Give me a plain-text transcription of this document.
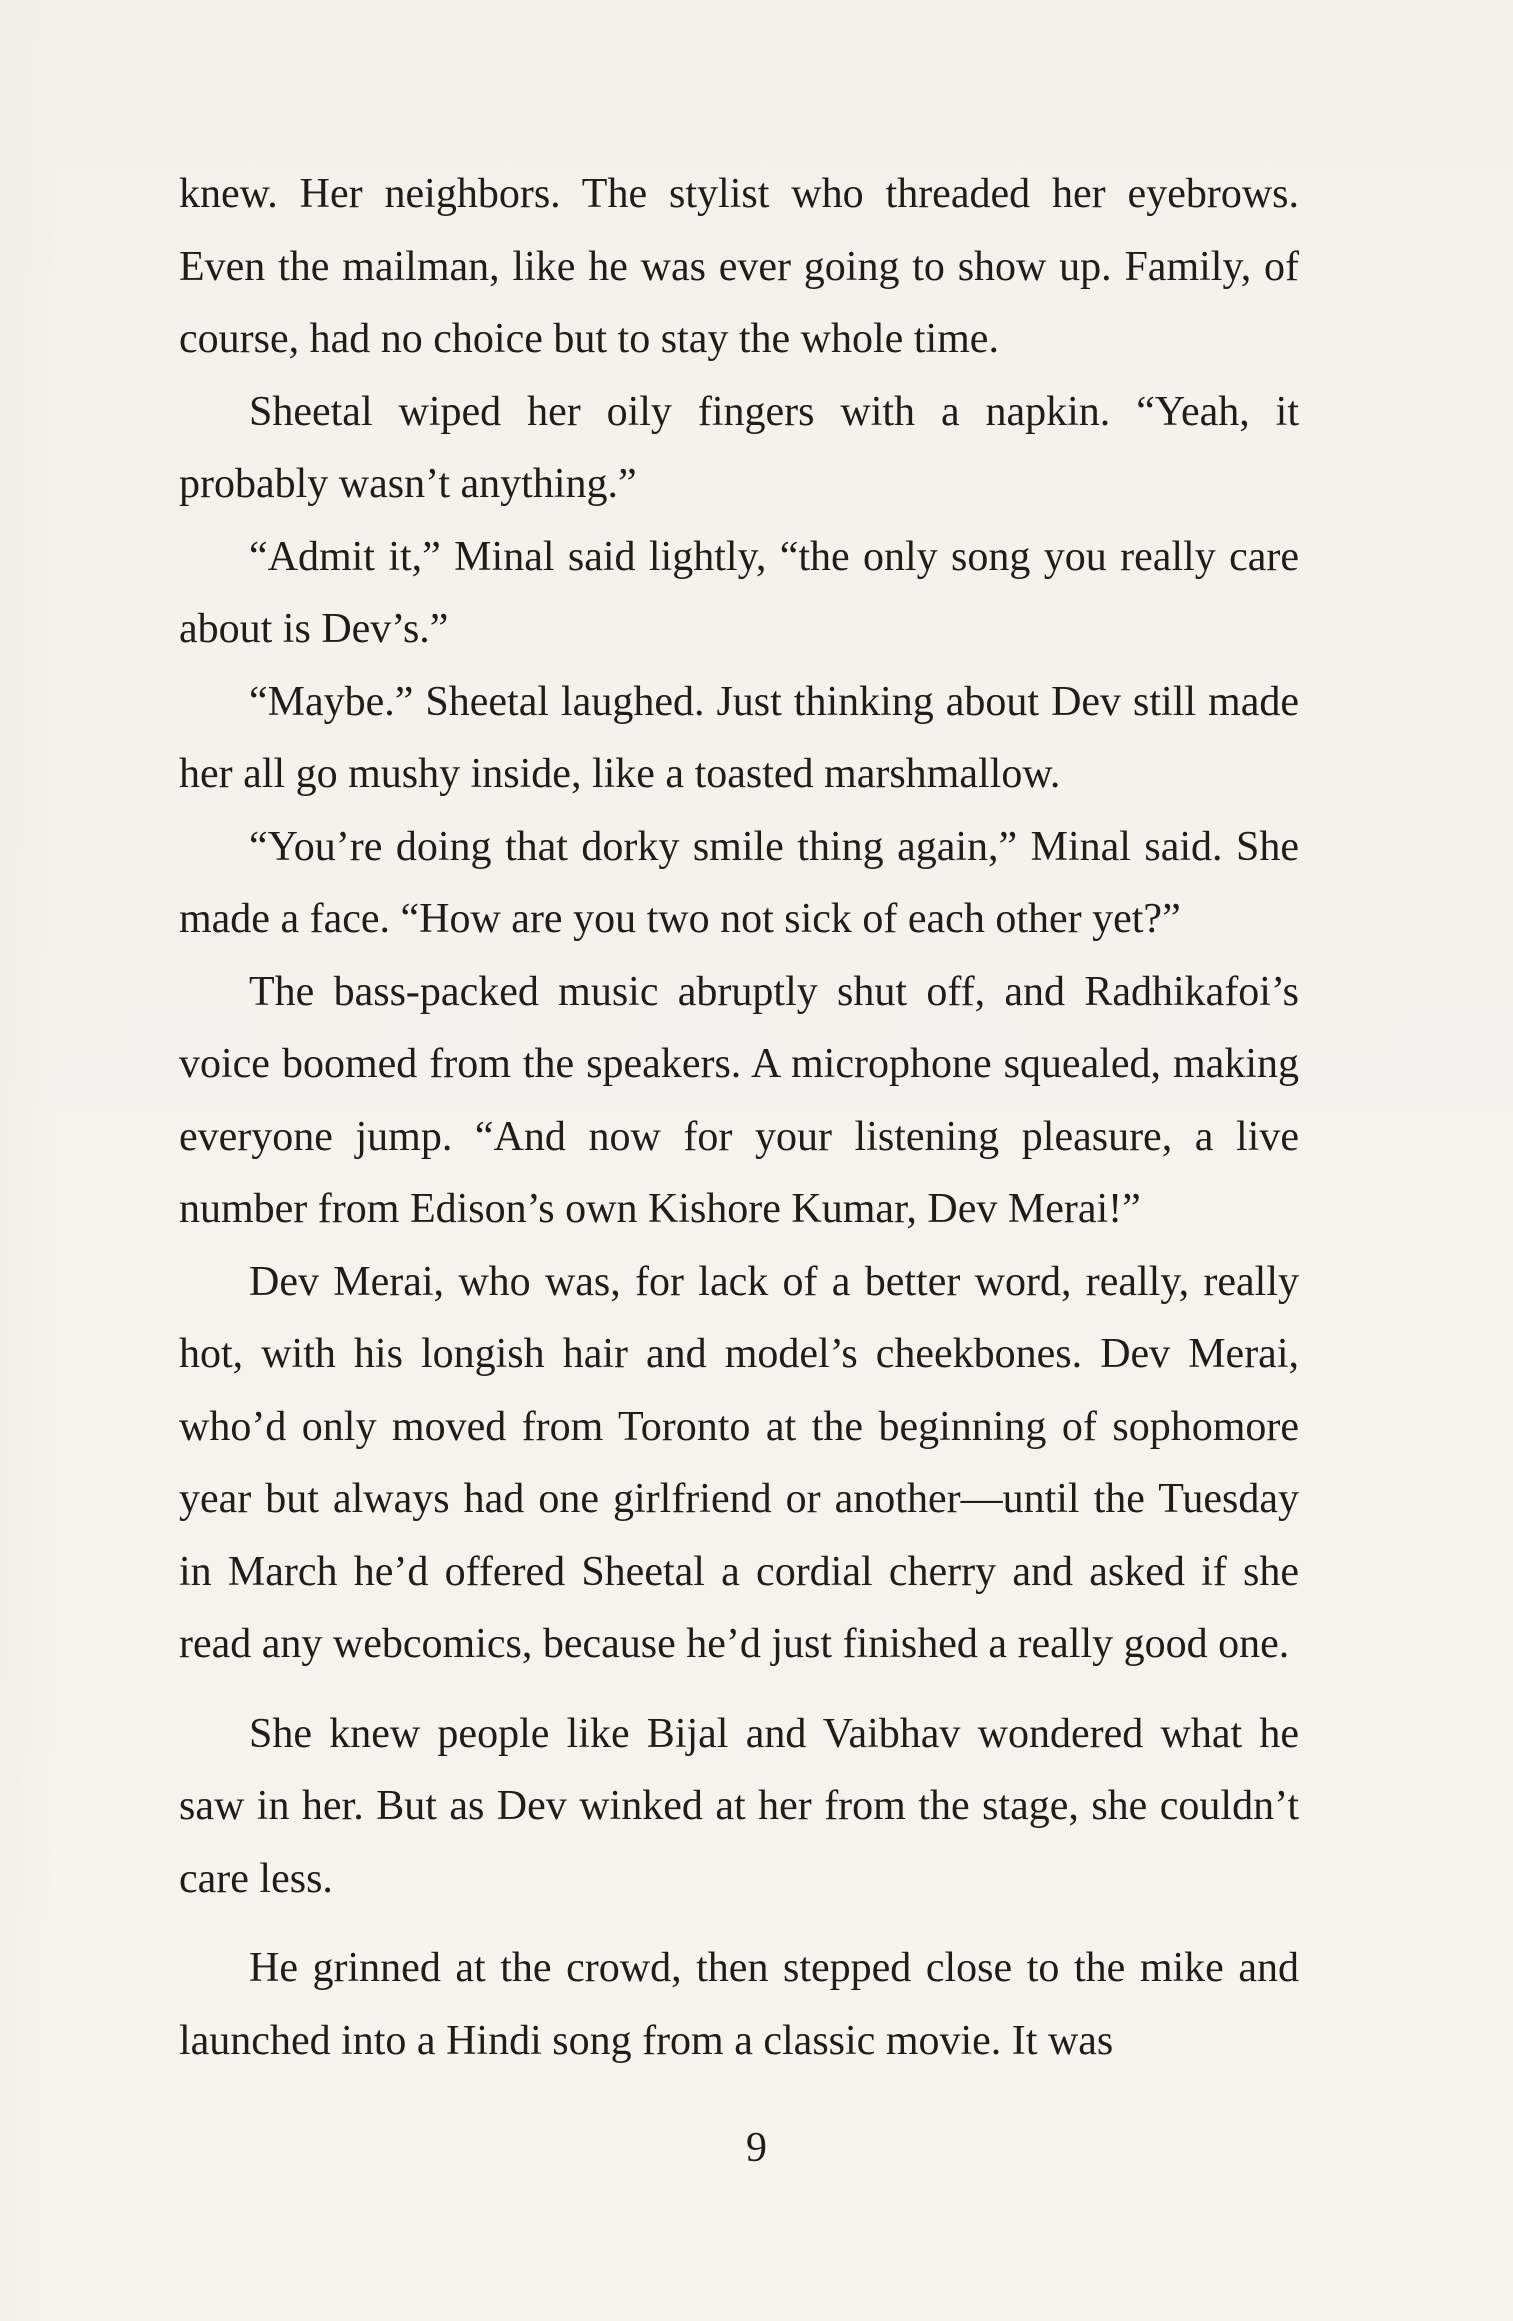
knew. Her neighbors. The stylist who threaded her eyebrows. Even the mailman, like he was ever going to show up. Family, of course, had no choice but to stay the whole time.

Sheetal wiped her oily fingers with a napkin. “Yeah, it probably wasn’t anything.”

“Admit it,” Minal said lightly, “the only song you really care about is Dev’s.”

“Maybe.” Sheetal laughed. Just thinking about Dev still made her all go mushy inside, like a toasted marshmallow.

“You’re doing that dorky smile thing again,” Minal said. She made a face. “How are you two not sick of each other yet?”

The bass-packed music abruptly shut off, and Radhikafoi’s voice boomed from the speakers. A microphone squealed, making everyone jump. “And now for your listening pleasure, a live number from Edison’s own Kishore Kumar, Dev Merai!”

Dev Merai, who was, for lack of a better word, really, really hot, with his longish hair and model’s cheekbones. Dev Merai, who’d only moved from Toronto at the beginning of sophomore year but always had one girlfriend or another—until the Tuesday in March he’d offered Sheetal a cordial cherry and asked if she read any webcomics, because he’d just finished a really good one.

She knew people like Bijal and Vaibhav wondered what he saw in her. But as Dev winked at her from the stage, she couldn’t care less.

He grinned at the crowd, then stepped close to the mike and launched into a Hindi song from a classic movie. It was

9
